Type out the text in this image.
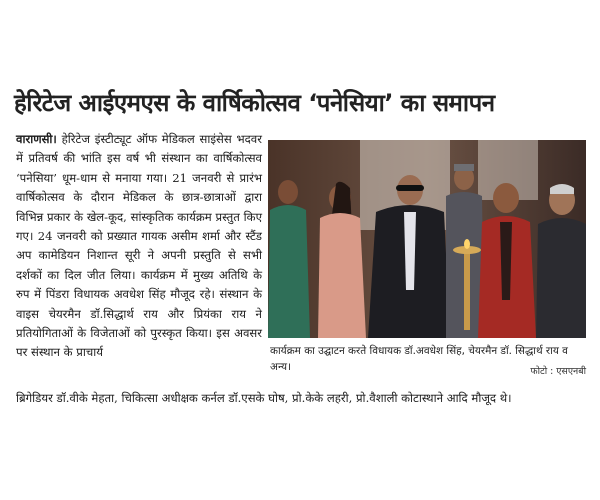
हेरिटेज आईएमएस के वार्षिकोत्सव ‘पनेसिया’ का समापन
वाराणसी। हेरिटेज इंस्टीट्यूट ऑफ मेडिकल साइंसेस भदवर में प्रतिवर्ष की भांति इस वर्ष भी संस्थान का वार्षिकोत्सव ‘पनेसिया’ धूम-धाम से मनाया गया। 21 जनवरी से प्रारंभ वार्षिकोत्सव के दौरान मेडिकल के छात्र-छात्राओं द्वारा विभिन्न प्रकार के खेल-कूद, सांस्कृतिक कार्यक्रम प्रस्तुत किए गए। 24 जनवरी को प्रख्यात गायक असीम शर्मा और स्टैंड अप कामेडियन निशान्त सूरी ने अपनी प्रस्तुति से सभी दर्शकों का दिल जीत लिया। कार्यक्रम में मुख्य अतिथि के रुप में पिंडरा विधायक अवधेश सिंह मौजूद रहे। संस्थान के वाइस चेयरमैन डॉ.सिद्धार्थ राय और प्रियंका राय ने प्रतियोगिताओं के विजेताओं को पुरस्कृत किया। इस अवसर पर संस्थान के प्राचार्य	कार्यक्रम का उद्घाटन करते विधायक डॉ.अवधेश सिंह, चेयरमैन डॉ. सिद्धार्थ राय व अन्य।	फोटो : एसएनबी
ब्रिगेडियर डॉ.वीके मेहता, चिकित्सा अधीक्षक कर्नल डॉ.एसके घोष, प्रो.केके लहरी, प्रो.वैशाली कोटास्थाने आदि मौजूद थे।
